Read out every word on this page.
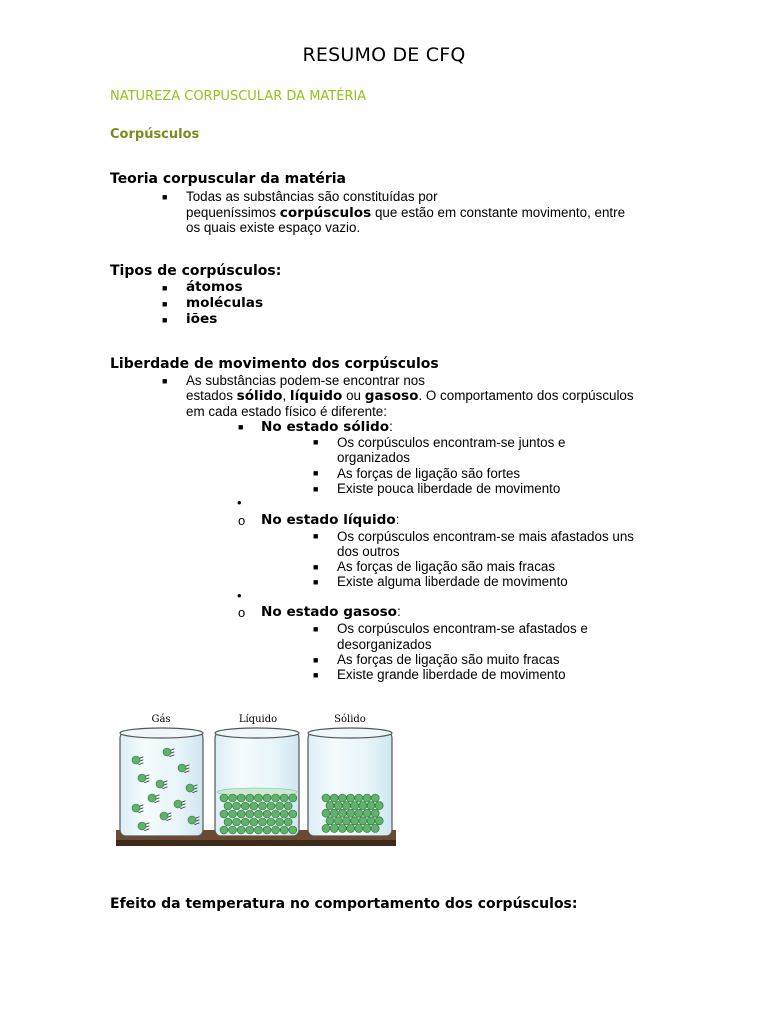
RESUMO DE CFQ
NATUREZA CORPUSCULAR DA MATÉRIA
Corpúsculos
Teoria corpuscular da matéria
■ Todas as substâncias são constituídas por
pequeníssimos corpúsculos que estão em constante movimento, entre
os quais existe espaço vazio.
Tipos de corpúsculos:
■ átomos
■ moléculas
■ iões
Liberdade de movimento dos corpúsculos
■ As substâncias podem-se encontrar nos
estados sólido, líquido ou gasoso. O comportamento dos corpúsculos
em cada estado físico é diferente:
■ No estado sólido:
■ Os corpúsculos encontram-se juntos e
organizados
■ As forças de ligação são fortes
■ Existe pouca liberdade de movimento
•
o No estado líquido:
■ Os corpúsculos encontram-se mais afastados uns
dos outros
■ As forças de ligação são mais fracas
■ Existe alguma liberdade de movimento
•
o No estado gasoso:
■ Os corpúsculos encontram-se afastados e
desorganizados
■ As forças de ligação são muito fracas
■ Existe grande liberdade de movimento
Gás	Líquido	Sólido
Efeito da temperatura no comportamento dos corpúsculos:
